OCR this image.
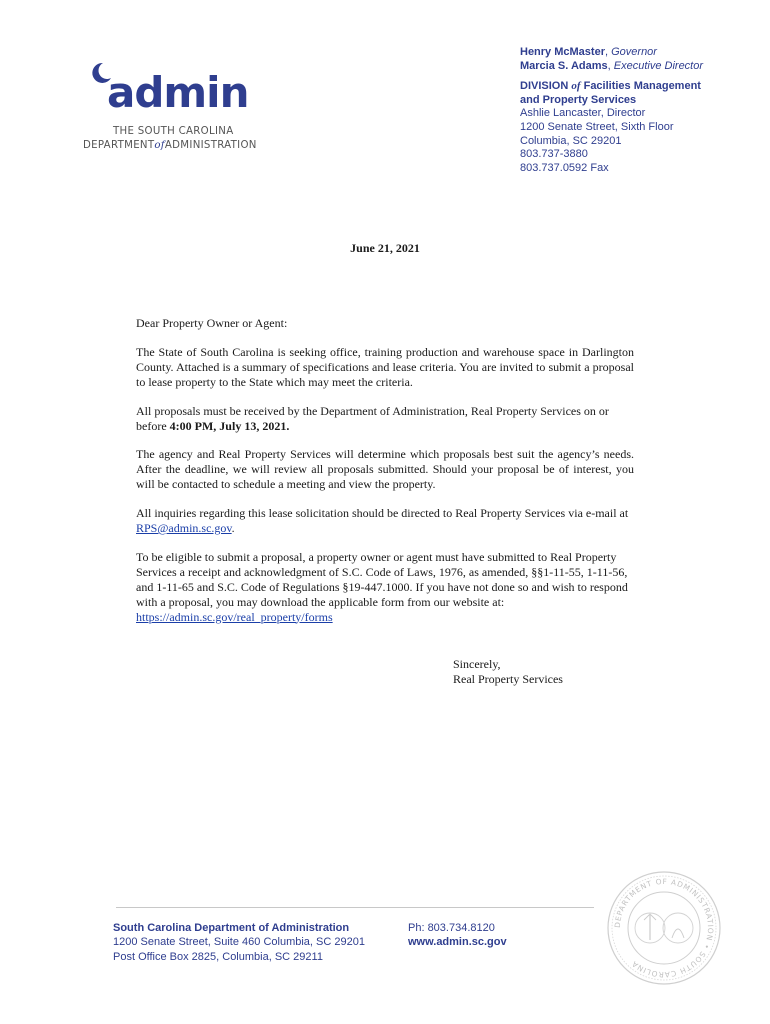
admin
THE SOUTH CAROLINA
DEPARTMENTofADMINISTRATION
Henry McMaster, Governor
Marcia S. Adams, Executive Director
DIVISION of Facilities Management
and Property Services
Ashlie Lancaster, Director
1200 Senate Street, Sixth Floor
Columbia, SC 29201
803.737-3880
803.737.0592 Fax
June 21, 2021

Dear Property Owner or Agent:

The State of South Carolina is seeking office, training production and warehouse space in Darlington County. Attached is a summary of specifications and lease criteria. You are invited to submit a proposal to lease property to the State which may meet the criteria.

All proposals must be received by the Department of Administration, Real Property Services on or before 4:00 PM, July 13, 2021.

The agency and Real Property Services will determine which proposals best suit the agency’s needs. After the deadline, we will review all proposals submitted. Should your proposal be of interest, you will be contacted to schedule a meeting and view the property.

All inquiries regarding this lease solicitation should be directed to Real Property Services via e-mail at RPS@admin.sc.gov.

To be eligible to submit a proposal, a property owner or agent must have submitted to Real Property Services a receipt and acknowledgment of S.C. Code of Laws, 1976, as amended, §§1-11-55, 1-11-56, and 1-11-65 and S.C. Code of Regulations §19-447.1000. If you have not done so and wish to respond with a proposal, you may download the applicable form from our website at: https://admin.sc.gov/real_property/forms

Sincerely,
Real Property Services
South Carolina Department of Administration
1200 Senate Street, Suite 460 Columbia, SC 29201
Post Office Box 2825, Columbia, SC 29211
Ph: 803.734.8120
www.admin.sc.gov
DEPARTMENT OF ADMINISTRATION • SOUTH CAROLINA
